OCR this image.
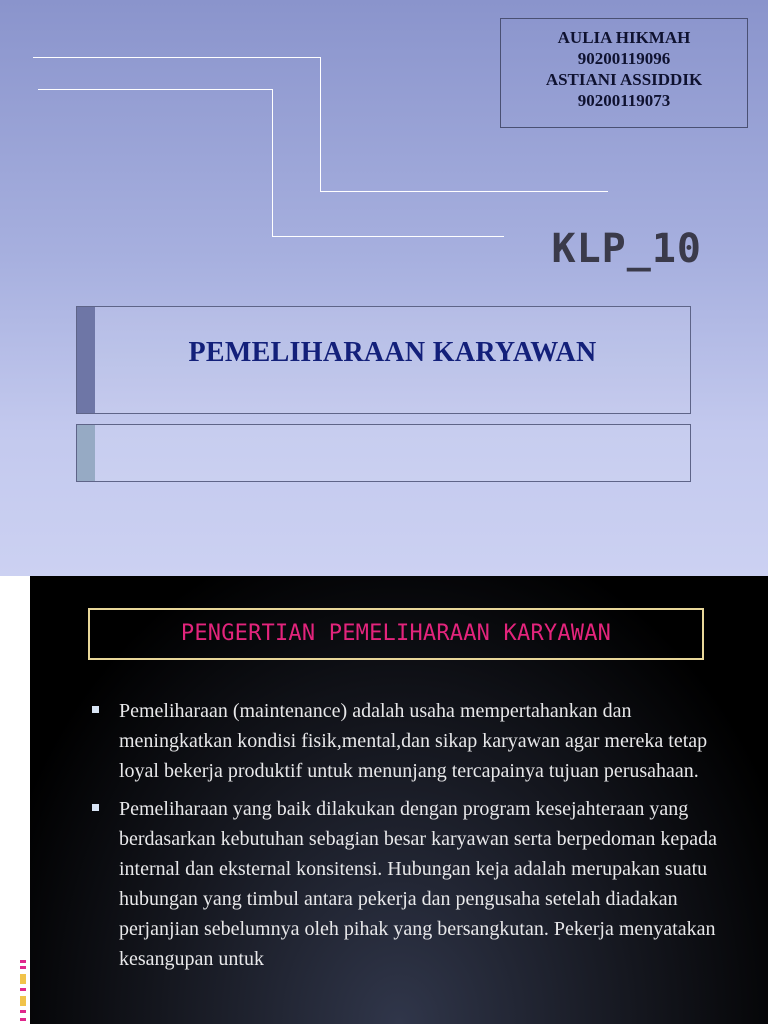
AULIA HIKMAH
90200119096
ASTIANI ASSIDDIK
90200119073
KLP_10
PEMELIHARAAN KARYAWAN
PENGERTIAN PEMELIHARAAN KARYAWAN
Pemeliharaan (maintenance) adalah usaha mempertahankan dan meningkatkan kondisi fisik,mental,dan sikap karyawan agar mereka tetap loyal bekerja produktif untuk menunjang tercapainya tujuan perusahaan.
Pemeliharaan yang baik dilakukan dengan program kesejahteraan yang berdasarkan kebutuhan sebagian besar karyawan serta berpedoman kepada internal dan eksternal konsitensi. Hubungan keja adalah merupakan suatu hubungan yang timbul antara pekerja dan pengusaha setelah diadakan perjanjian sebelumnya oleh pihak yang bersangkutan. Pekerja menyatakan kesangupan untuk
